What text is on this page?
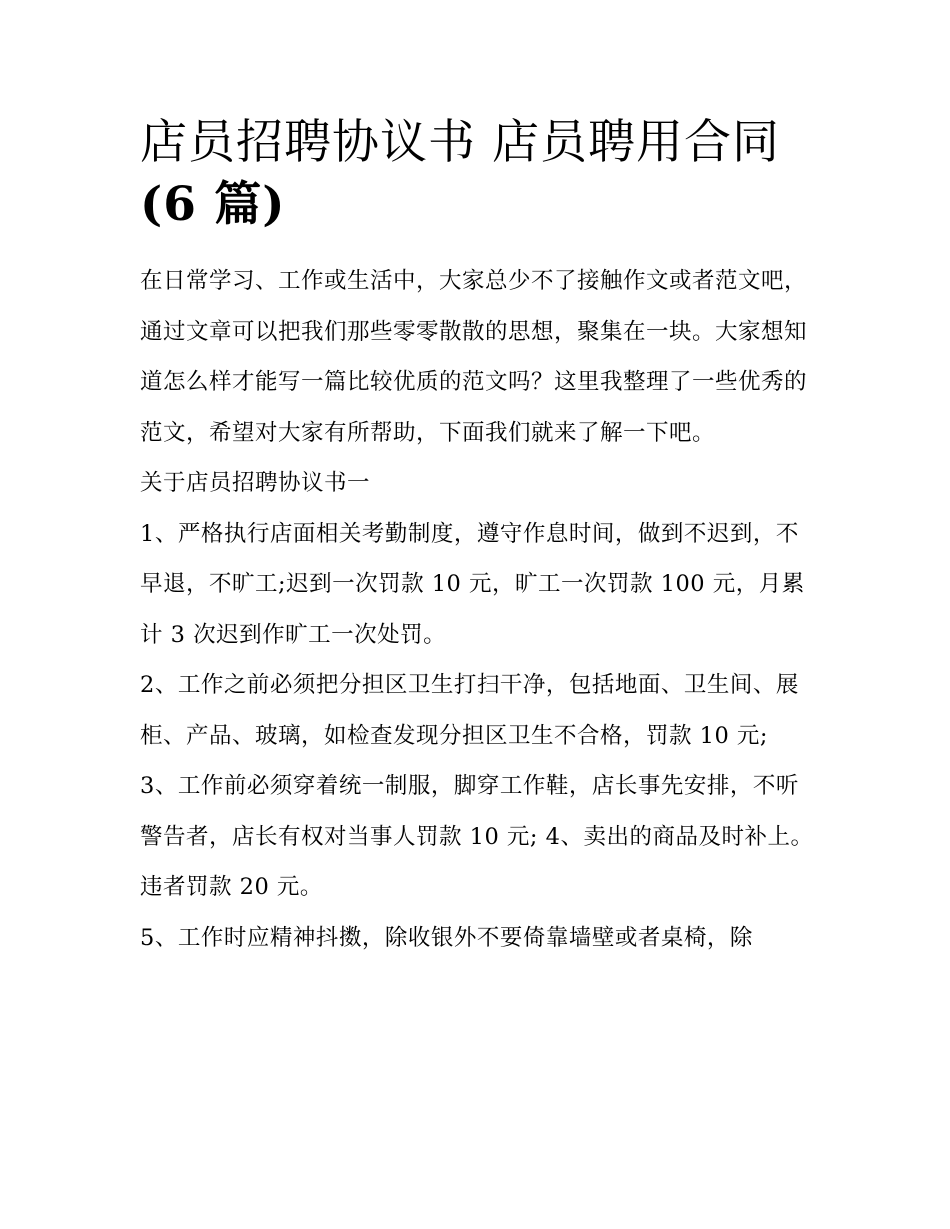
店员招聘协议书 店员聘用合同
(6 篇)

在日常学习、工作或生活中，大家总少不了接触作文或者范文吧，通过文章可以把我们那些零零散散的思想，聚集在一块。大家想知道怎么样才能写一篇比较优质的范文吗？这里我整理了一些优秀的范文，希望对大家有所帮助，下面我们就来了解一下吧。

关于店员招聘协议书一

1、严格执行店面相关考勤制度，遵守作息时间，做到不迟到，不早退，不旷工;迟到一次罚款 10 元，旷工一次罚款 100 元，月累计 3 次迟到作旷工一次处罚。

2、工作之前必须把分担区卫生打扫干净，包括地面、卫生间、展柜、产品、玻璃，如检查发现分担区卫生不合格，罚款 10 元;

3、工作前必须穿着统一制服，脚穿工作鞋，店长事先安排，不听警告者，店长有权对当事人罚款 10 元; 4、卖出的商品及时补上。违者罚款 20 元。

5、工作时应精神抖擞，除收银外不要倚靠墙壁或者桌椅，除
